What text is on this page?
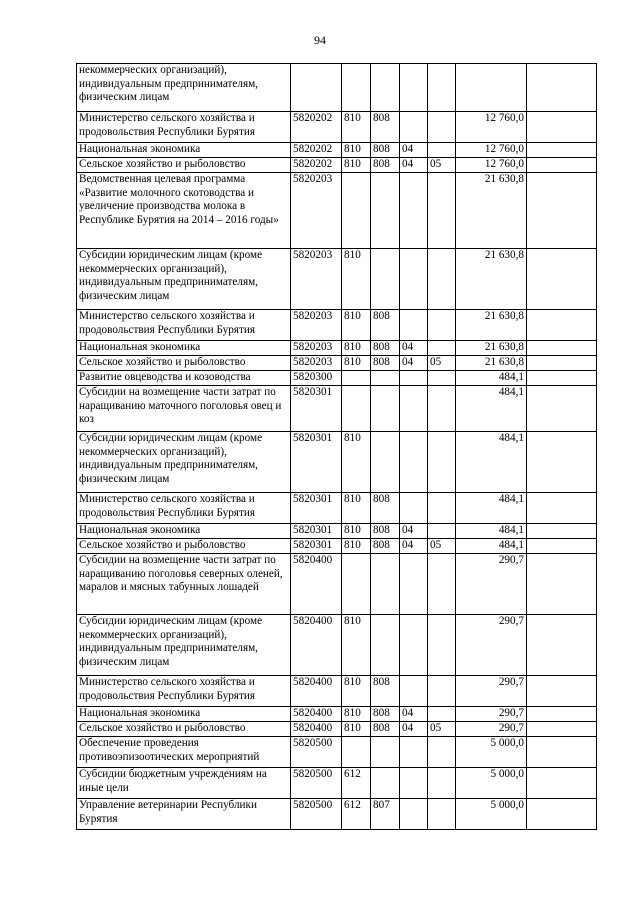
94
некоммерческих организаций), индивидуальным предпринимателям, физическим лицам							
Министерство сельского хозяйства и продовольствия Республики Бурятия	5820202	810	808			12 760,0	
Национальная экономика	5820202	810	808	04		12 760,0	
Сельское хозяйство и рыболовство	5820202	810	808	04	05	12 760,0	
Ведомственная целевая программа «Развитие молочного скотоводства и увеличение производства молока в Республике Бурятия на 2014 – 2016 годы»	5820203					21 630,8	
Субсидии юридическим лицам (кроме некоммерческих организаций), индивидуальным предпринимателям, физическим лицам	5820203	810				21 630,8	
Министерство сельского хозяйства и продовольствия Республики Бурятия	5820203	810	808			21 630,8	
Национальная экономика	5820203	810	808	04		21 630,8	
Сельское хозяйство и рыболовство	5820203	810	808	04	05	21 630,8	
Развитие овцеводства и козоводства	5820300					484,1	
Субсидии на возмещение части затрат по наращиванию маточного поголовья овец и коз	5820301					484,1	
Субсидии юридическим лицам (кроме некоммерческих организаций), индивидуальным предпринимателям, физическим лицам	5820301	810				484,1	
Министерство сельского хозяйства и продовольствия Республики Бурятия	5820301	810	808			484,1	
Национальная экономика	5820301	810	808	04		484,1	
Сельское хозяйство и рыболовство	5820301	810	808	04	05	484,1	
Субсидии на возмещение части затрат по наращиванию поголовья северных оленей, маралов и мясных табунных лошадей	5820400					290,7	
Субсидии юридическим лицам (кроме некоммерческих организаций), индивидуальным предпринимателям, физическим лицам	5820400	810				290,7	
Министерство сельского хозяйства и продовольствия Республики Бурятия	5820400	810	808			290,7	
Национальная экономика	5820400	810	808	04		290,7	
Сельское хозяйство и рыболовство	5820400	810	808	04	05	290,7	
Обеспечение проведения противоэпизоотических мероприятий	5820500					5 000,0	
Субсидии бюджетным учреждениям на иные цели	5820500	612				5 000,0	
Управление ветеринарии Республики Бурятия	5820500	612	807			5 000,0	
